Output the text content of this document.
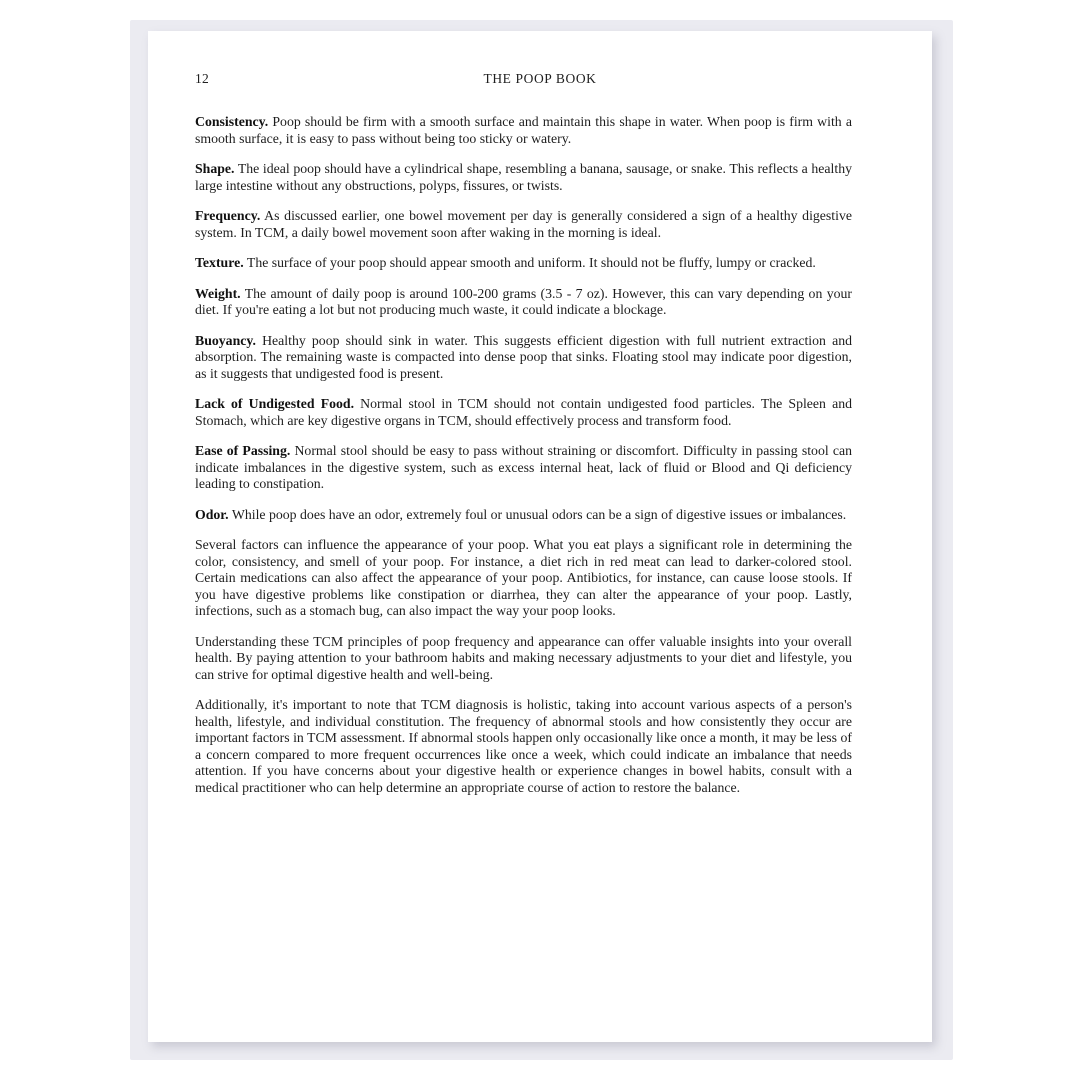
12	THE POOP BOOK

Consistency. Poop should be firm with a smooth surface and maintain this shape in water. When poop is firm with a smooth surface, it is easy to pass without being too sticky or watery.

Shape. The ideal poop should have a cylindrical shape, resembling a banana, sausage, or snake. This reflects a healthy large intestine without any obstructions, polyps, fissures, or twists.

Frequency. As discussed earlier, one bowel movement per day is generally considered a sign of a healthy digestive system. In TCM, a daily bowel movement soon after waking in the morning is ideal.

Texture. The surface of your poop should appear smooth and uniform. It should not be fluffy, lumpy or cracked.

Weight. The amount of daily poop is around 100-200 grams (3.5 - 7 oz). However, this can vary depending on your diet. If you're eating a lot but not producing much waste, it could indicate a blockage.

Buoyancy. Healthy poop should sink in water. This suggests efficient digestion with full nutrient extraction and absorption. The remaining waste is compacted into dense poop that sinks. Floating stool may indicate poor digestion, as it suggests that undigested food is present.

Lack of Undigested Food. Normal stool in TCM should not contain undigested food particles. The Spleen and Stomach, which are key digestive organs in TCM, should effectively process and transform food.

Ease of Passing. Normal stool should be easy to pass without straining or discomfort. Difficulty in passing stool can indicate imbalances in the digestive system, such as excess internal heat, lack of fluid or Blood and Qi deficiency leading to constipation.

Odor. While poop does have an odor, extremely foul or unusual odors can be a sign of digestive issues or imbalances.

Several factors can influence the appearance of your poop. What you eat plays a significant role in determining the color, consistency, and smell of your poop. For instance, a diet rich in red meat can lead to darker-colored stool. Certain medications can also affect the appearance of your poop. Antibiotics, for instance, can cause loose stools. If you have digestive problems like constipation or diarrhea, they can alter the appearance of your poop. Lastly, infections, such as a stomach bug, can also impact the way your poop looks.

Understanding these TCM principles of poop frequency and appearance can offer valuable insights into your overall health. By paying attention to your bathroom habits and making necessary adjustments to your diet and lifestyle, you can strive for optimal digestive health and well-being.

Additionally, it's important to note that TCM diagnosis is holistic, taking into account various aspects of a person's health, lifestyle, and individual constitution. The frequency of abnormal stools and how consistently they occur are important factors in TCM assessment. If abnormal stools happen only occasionally like once a month, it may be less of a concern compared to more frequent occurrences like once a week, which could indicate an imbalance that needs attention. If you have concerns about your digestive health or experience changes in bowel habits, consult with a medical practitioner who can help determine an appropriate course of action to restore the balance.
